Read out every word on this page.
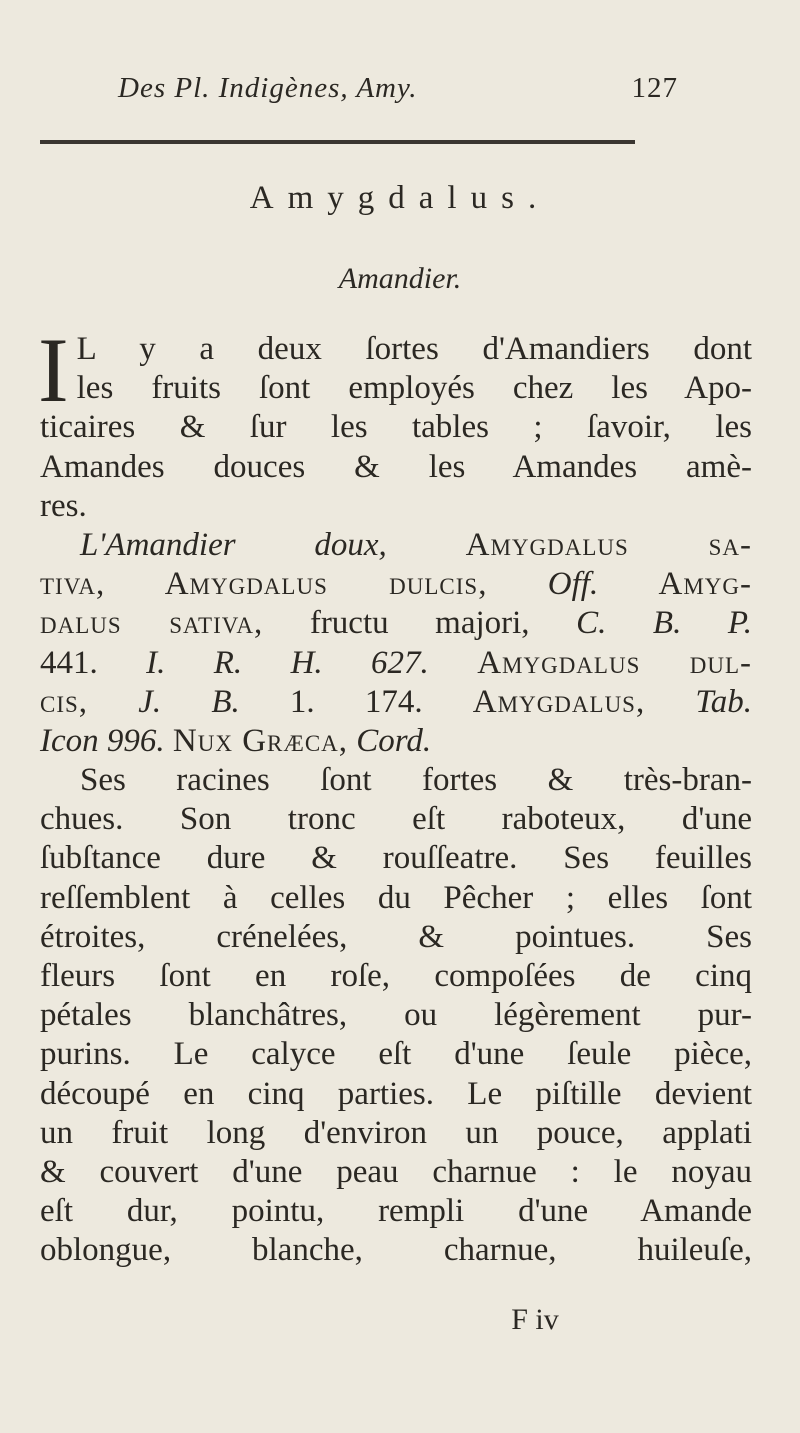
Des Pl. Indigènes, Amy.	127
Amygdalus.
Amandier.
I L y a deux ſortes d'Amandiers dont
les fruits ſont employés chez les Apo-
ticaires & ſur les tables ; ſavoir, les
Amandes douces & les Amandes amè-
res.
L'Amandier doux, Amygdalus sa-
tiva, Amygdalus dulcis, Off. Amyg-
dalus sativa, fructu majori, C. B. P.
441. I. R. H. 627. Amygdalus dul-
cis, J. B. 1. 174. Amygdalus, Tab.
Icon 996. Nux Græca, Cord.
Ses racines ſont fortes & très-bran-
chues. Son tronc eſt raboteux, d'une
ſubſtance dure & rouſſeatre. Ses feuilles
reſſemblent à celles du Pêcher ; elles ſont
étroites, crénelées, & pointues. Ses
fleurs ſont en roſe, compoſées de cinq
pétales blanchâtres, ou légèrement pur-
purins. Le calyce eſt d'une ſeule pièce,
découpé en cinq parties. Le piſtille devient
un fruit long d'environ un pouce, applati
& couvert d'une peau charnue : le noyau
eſt dur, pointu, rempli d'une Amande
oblongue, blanche, charnue, huileuſe,
F iv
